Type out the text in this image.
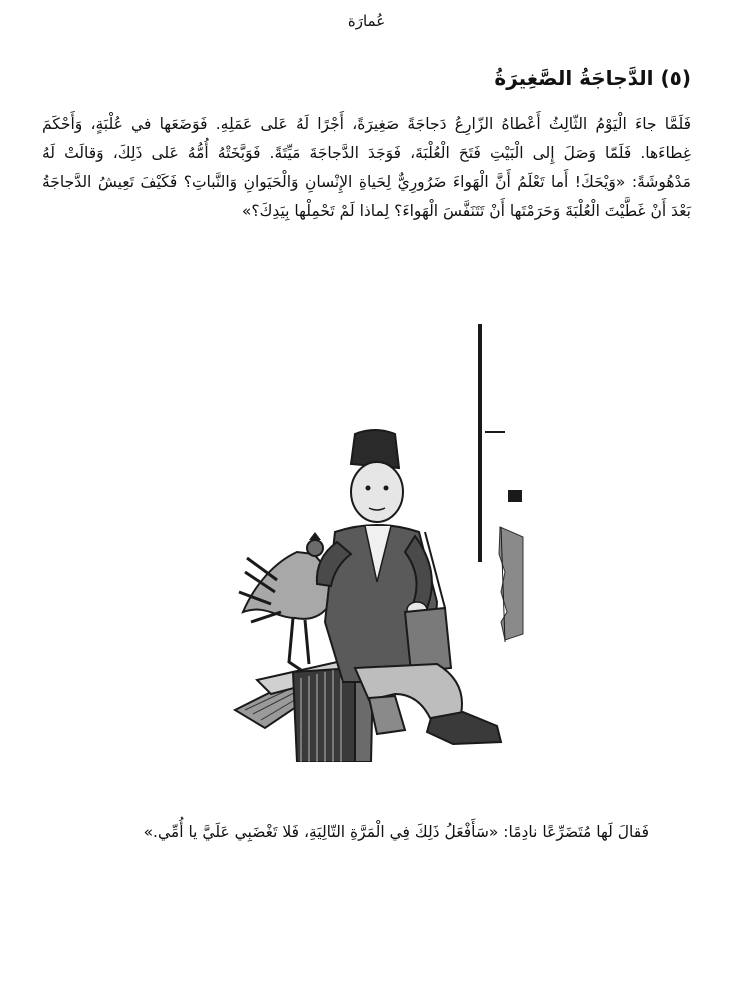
عُمارَة
(٥) الدَّجاجَةُ الصَّغِيرَةُ
فَلَمَّا جاءَ الْيَوْمُ الثّالِثُ أَعْطاهُ الزّارِعُ دَجاجَةً صَغِيرَةً، أَجْرًا لَهُ عَلى عَمَلِهِ. فَوَضَعَها في عُلْبَةٍ، وَأَحْكَمَ غِطاءَها. فَلَمّا وَصَلَ إِلى الْبَيْتِ فَتَحَ الْعُلْبَةَ، فَوَجَدَ الدَّجاجَةَ مَيِّتَةً. فَوَبَّخَتْهُ أُمُّهُ عَلى ذَلِكَ، وَقالَتْ لَهُ مَدْهُوشَةً: «وَيْحَكَ! أَما تَعْلَمُ أَنَّ الْهَواءَ ضَرُورِيٌّ لِحَياةِ الإِنْسانِ وَالْحَيَوانِ وَالنَّباتِ؟ فَكَيْفَ تَعِيشُ الدَّجاجَةُ بَعْدَ أَنْ غَطَّيْتَ الْعُلْبَةَ وَحَرَمْتَها أَنْ تَتَنَفَّسَ الْهَواءَ؟ لِماذا لَمْ تَحْمِلْها بِيَدِكَ؟»
فَقالَ لَها مُتَضَرِّعًا نادِمًا: «سَأَفْعَلُ ذَلِكَ فِي الْمَرَّةِ التّالِيَةِ، فَلا تَغْضَبِي عَلَيَّ يا أُمِّي.»
